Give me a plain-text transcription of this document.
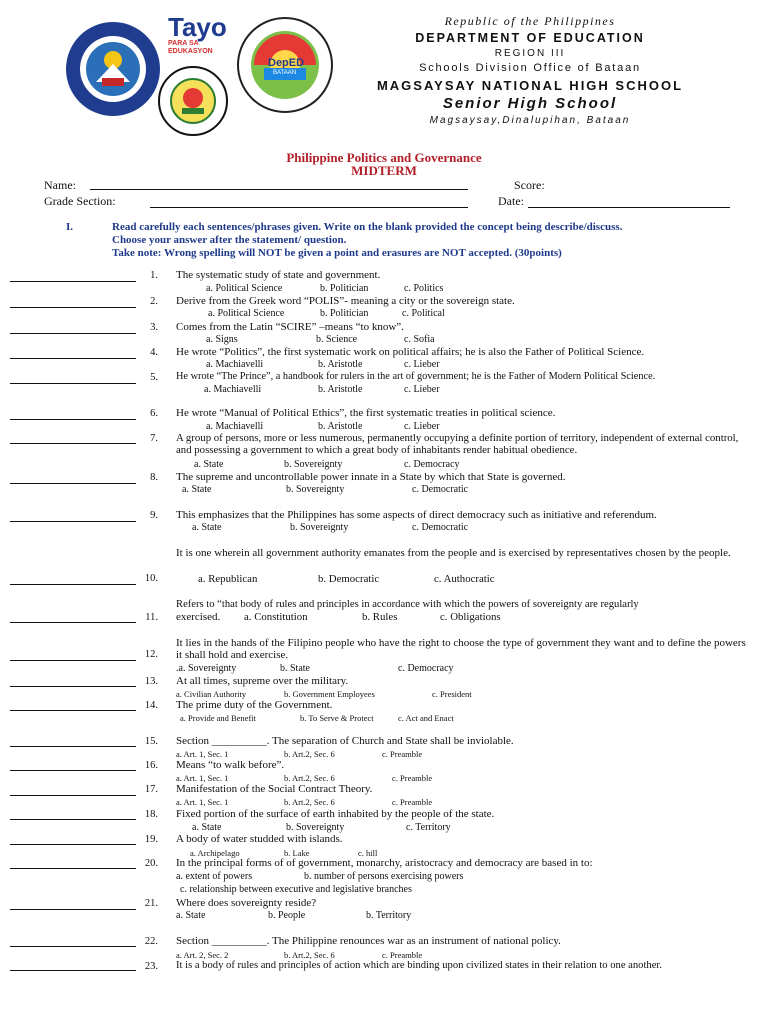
Tayo
PARA SA EDUKASYON
DepED
BATAAN
Republic of the Philippines
DEPARTMENT OF EDUCATION
REGION III
Schools Division Office of Bataan
MAGSAYSAY NATIONAL HIGH SCHOOL
Senior High School
Magsaysay,Dinalupihan, Bataan
Philippine Politics and Governance
MIDTERM
Name:	Score:
Grade Section:	Date:
I.	Read carefully each sentences/phrases given. Write on the blank provided the concept being describe/discuss.
Choose your answer after the statement/ question.
Take note: Wrong spelling will NOT be given a point and erasures are NOT accepted. (30points)
1. The systematic study of state and government.
a. Political Science	b. Politician	c. Politics
2. Derive from the Greek word “POLIS”- meaning a city or the sovereign state.
a. Political Science	b. Politician	c. Political
3. Comes from the Latin “SCIRE” –means “to know”.
a. Signs	b. Science	c. Sofia
4. He wrote “Politics”, the first systematic work on political affairs; he is also the Father of Political Science.
a. Machiavelli	b. Aristotle	c. Lieber
5. He wrote “The Prince”, a handbook for rulers in the art of government; he is the Father of Modern Political Science.
a. Machiavelli	b. Aristotle	c. Lieber
6. He wrote “Manual of Political Ethics”, the first systematic treaties in political science.
a. Machiavelli	b. Aristotle	c. Lieber
7. A group of persons, more or less numerous, permanently occupying a definite portion of territory, independent of external control, and possessing a government to which a great body of inhabitants render habitual obedience.
a. State	b. Sovereignty	c. Democracy
8. The supreme and uncontrollable power innate in a State by which that State is governed.
a. State	b. Sovereignty	c. Democratic
9. This emphasizes that the Philippines has some aspects of direct democracy such as initiative and referendum.
a. State	b. Sovereignty	c. Democratic
It is one wherein all government authority emanates from the people and is exercised by representatives chosen by the people.
10.	a. Republican	b. Democratic	c. Authocratic
Refers to “that body of rules and principles in accordance with which the powers of sovereignty are regularly
11. exercised.	a. Constitution	b. Rules	c. Obligations
It lies in the hands of the Filipino people who have the right to choose the type of government they want and to define the powers it shall hold and exercise.
12.
.a. Sovereignty	b. State	c. Democracy
13. At all times, supreme over the military.
a. Civilian Authority	b. Government Employees	c. President
14. The prime duty of the Government.
a. Provide and Benefit	b. To Serve & Protect	c. Act and Enact
15. Section __________. The separation of Church and State shall be inviolable.
a. Art. 1, Sec. 1	b. Art.2, Sec. 6	c. Preamble
16. Means “to walk before”.
a. Art. 1, Sec. 1	b. Art.2, Sec. 6	c. Preamble
17. Manifestation of the Social Contract Theory.
a. Art. 1, Sec. 1	b. Art.2, Sec. 6	c. Preamble
18. Fixed portion of the surface of earth inhabited by the people of the state.
a. State	b. Sovereignty	c. Territory
19. A body of water studded with islands.
a. Archipelago	b. Lake	c. hill
20. In the principal forms of of government, monarchy, aristocracy and democracy are based in to:
a. extent of powers	b. number of persons exercising powers
c. relationship between executive and legislative branches
21. Where does sovereignty reside?
a. State	b. People	b. Territory
22. Section __________. The Philippine renounces war as an instrument of national policy.
a. Art. 2, Sec. 2	b. Art.2, Sec. 6	c. Preamble
23. It is a body of rules and principles of action which are binding upon civilized states in their relation to one another.
